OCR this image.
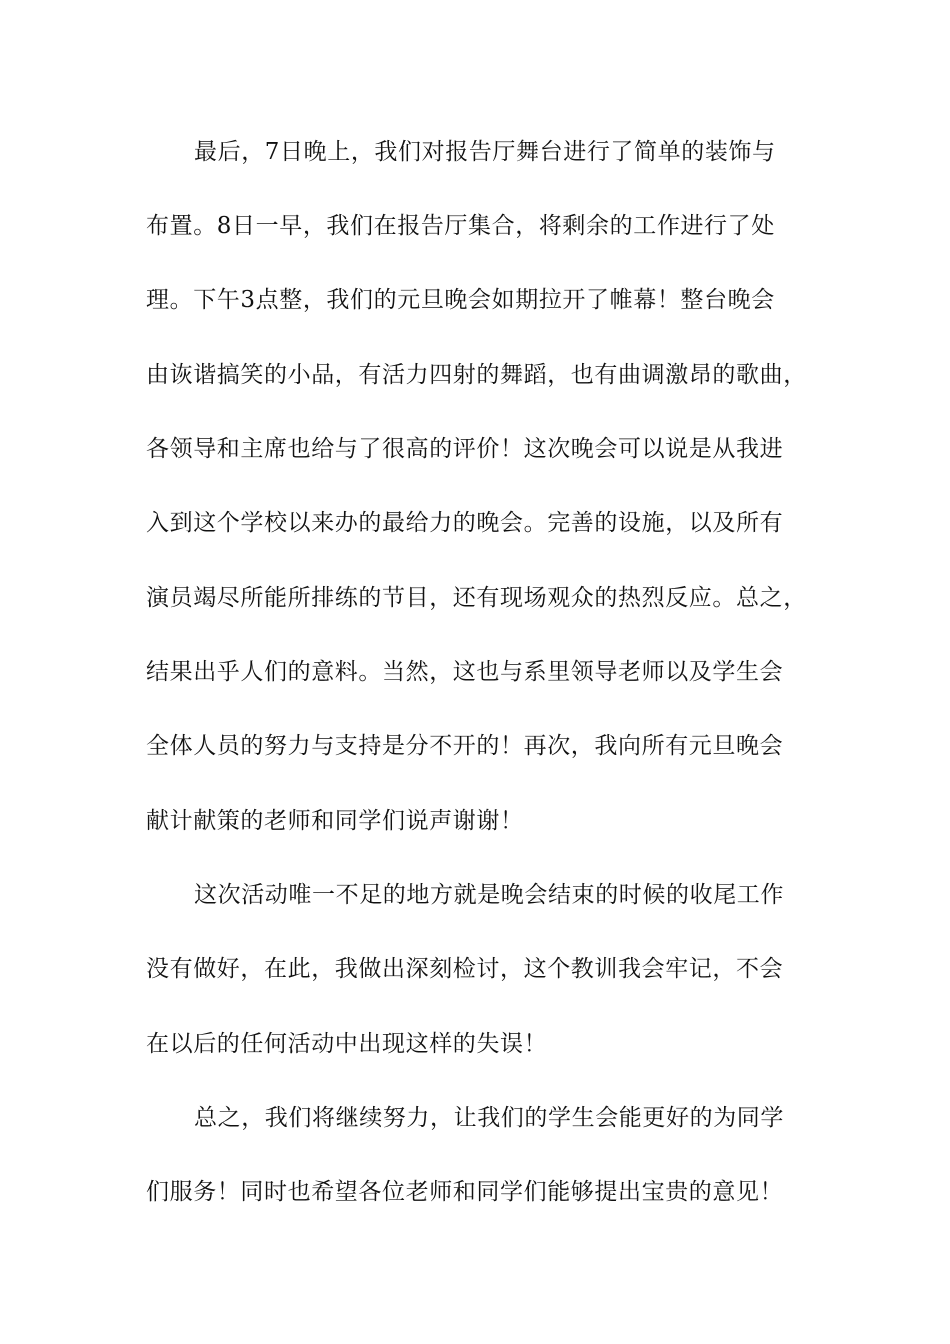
最后，7日晚上，我们对报告厅舞台进行了简单的装饰与
布置。8日一早，我们在报告厅集合，将剩余的工作进行了处
理。下午3点整，我们的元旦晚会如期拉开了帷幕！整台晚会
由诙谐搞笑的小品，有活力四射的舞蹈，也有曲调激昂的歌曲，
各领导和主席也给与了很高的评价！这次晚会可以说是从我进
入到这个学校以来办的最给力的晚会。完善的设施，以及所有
演员竭尽所能所排练的节目，还有现场观众的热烈反应。总之，
结果出乎人们的意料。当然，这也与系里领导老师以及学生会
全体人员的努力与支持是分不开的！再次，我向所有元旦晚会
献计献策的老师和同学们说声谢谢！
这次活动唯一不足的地方就是晚会结束的时候的收尾工作
没有做好，在此，我做出深刻检讨，这个教训我会牢记，不会
在以后的任何活动中出现这样的失误！
总之，我们将继续努力，让我们的学生会能更好的为同学
们服务！同时也希望各位老师和同学们能够提出宝贵的意见！
